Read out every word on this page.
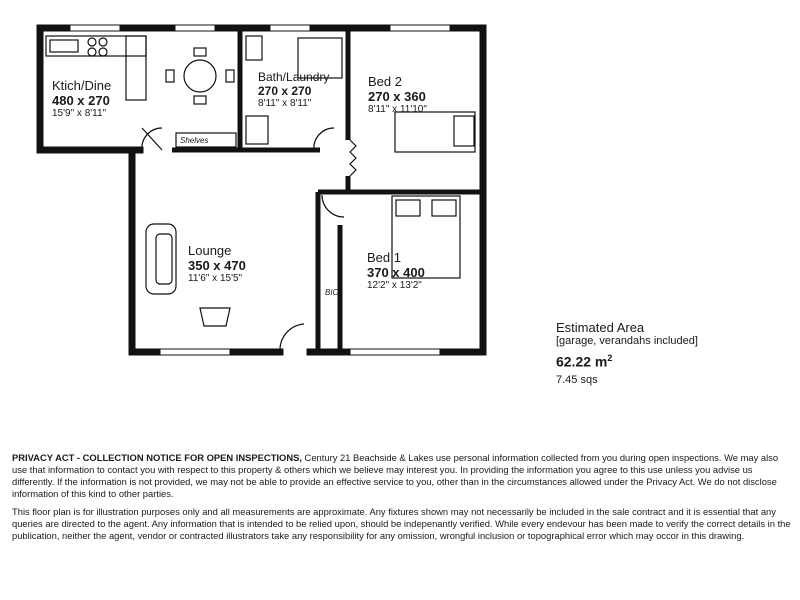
Ktich/Dine
480 x 270
15'9" x 8'11"
Bath/Laundry
270 x 270
8'11" x 8'11"
Bed 2
270 x 360
8'11" x 11'10"
Lounge
350 x 470
11'6" x 15'5"
Bed 1
370 x 400
12'2" x 13'2"
Shelves
BIC
Estimated Area
[garage, verandahs included]
62.22 $m^2$
7.45 sqs

PRIVACY ACT - COLLECTION NOTICE FOR OPEN INSPECTIONS, Century 21 Beachside & Lakes use personal information collected from you during open inspections. We may also use that information to contact you with respect to this property & others which we believe may interest you. In providing the information you agree to this use unless you advise us differently. If the information is not provided, we may not be able to provide an effective service to you, other than in the circumstances allowed under the Privacy Act. We do not disclose information of this kind to other parties.

This floor plan is for illustration purposes only and all measurements are approximate. Any fixtures shown may not necessarily be included in the sale contract and it is essential that any queries are directed to the agent. Any information that is intended to be relied upon, should be indepenantly verified. While every endevour has been made to verify the correct details in the publication, neither the agent, vendor or contracted illustrators take any responsibility for any omission, wrongful inclusion or topographical error which may occor in this drawing.
